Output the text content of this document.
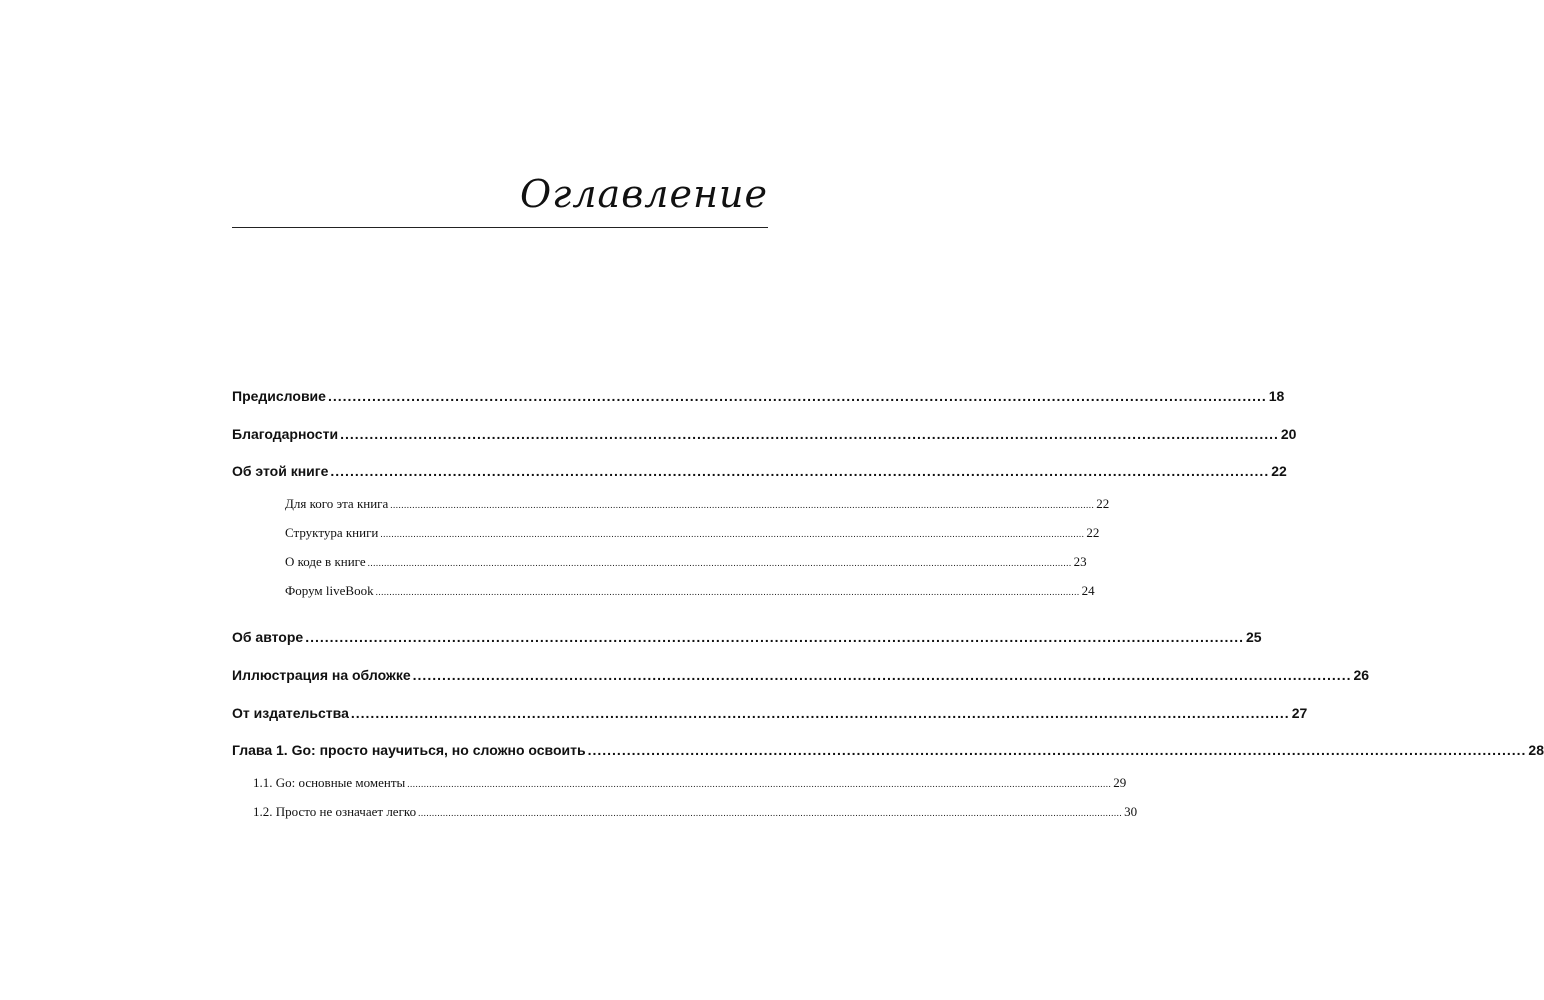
Оглавление
Предисловие ................................................................................................................................................................................................ 18
Благодарности ................................................................................................................................................................................................ 20
Об этой книге ................................................................................................................................................................................................ 22
Для кого эта книга ................................................................................................................................................................................................................................................................ 22
Структура книги ................................................................................................................................................................................................................................................................ 22
О коде в книге ................................................................................................................................................................................................................................................................ 23
Форум liveBook ................................................................................................................................................................................................................................................................ 24
Об авторе ................................................................................................................................................................................................ 25
Иллюстрация на обложке ................................................................................................................................................................................................ 26
От издательства ................................................................................................................................................................................................ 27
Глава 1. Go: просто научиться, но сложно освоить ................................................................................................................................................................................................ 28
1.1. Go: основные моменты ................................................................................................................................................................................................................................................................ 29
1.2. Просто не означает легко ................................................................................................................................................................................................................................................................ 30
